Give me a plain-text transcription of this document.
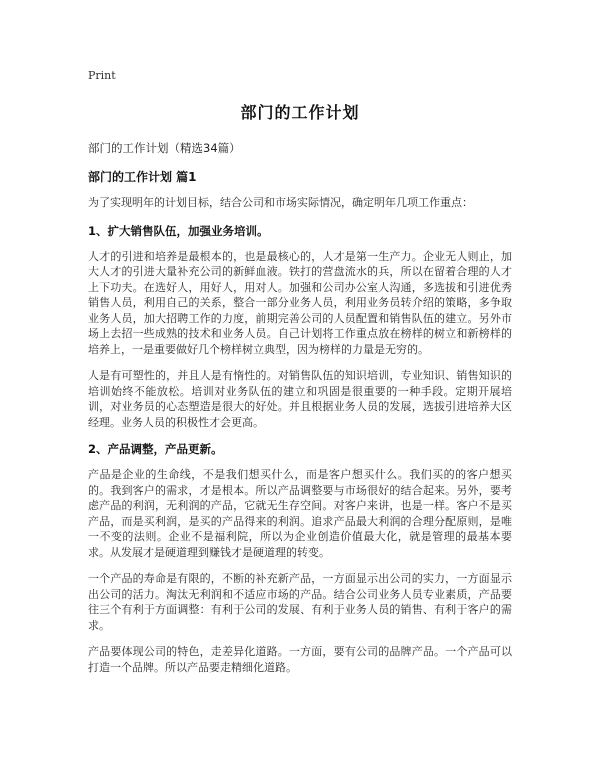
Print
部门的工作计划
部门的工作计划（精选34篇）
部门的工作计划 篇1

为了实现明年的计划目标，结合公司和市场实际情况，确定明年几项工作重点：

1、扩大销售队伍，加强业务培训。

人才的引进和培养是最根本的，也是最核心的，人才是第一生产力。企业无人则止，加大人才的引进大量补充公司的新鲜血液。铁打的营盘流水的兵，所以在留着合理的人才上下功夫。在选好人，用好人，用对人。加强和公司办公室人沟通，多选拔和引进优秀销售人员，利用自己的关系，整合一部分业务人员，利用业务员转介绍的策略，多争取业务人员，加大招聘工作的力度，前期完善公司的人员配置和销售队伍的建立。另外市场上去招一些成熟的技术和业务人员。自己计划将工作重点放在榜样的树立和新榜样的培养上，一是重要做好几个榜样树立典型，因为榜样的力量是无穷的。

人是有可塑性的，并且人是有惰性的。对销售队伍的知识培训，专业知识、销售知识的培训始终不能放松。培训对业务队伍的建立和巩固是很重要的一种手段。定期开展培训，对业务员的心态塑造是很大的好处。并且根据业务人员的发展，选拔引进培养大区经理。业务人员的积极性才会更高。

2、产品调整，产品更新。

产品是企业的生命线，不是我们想买什么，而是客户想买什么。我们买的的客户想买的。我到客户的需求，才是根本。所以产品调整要与市场很好的结合起来。另外，要考虑产品的利润，无利润的产品，它就无生存空间。对客户来讲，也是一样。客户不是买产品，而是买利润，是买的产品得来的利润。追求产品最大利润的合理分配原则，是唯一不变的法则。企业不是福利院，所以为企业创造价值最大化，就是管理的最基本要求。从发展才是硬道理到赚钱才是硬道理的转变。

一个产品的寿命是有限的，不断的补充新产品，一方面显示出公司的实力，一方面显示出公司的活力。淘汰无利润和不适应市场的产品。结合公司业务人员专业素质，产品要往三个有利于方面调整：有利于公司的发展、有利于业务人员的销售、有利于客户的需求。

产品要体现公司的特色，走差异化道路。一方面，要有公司的品牌产品。一个产品可以打造一个品牌。所以产品要走精细化道路。
